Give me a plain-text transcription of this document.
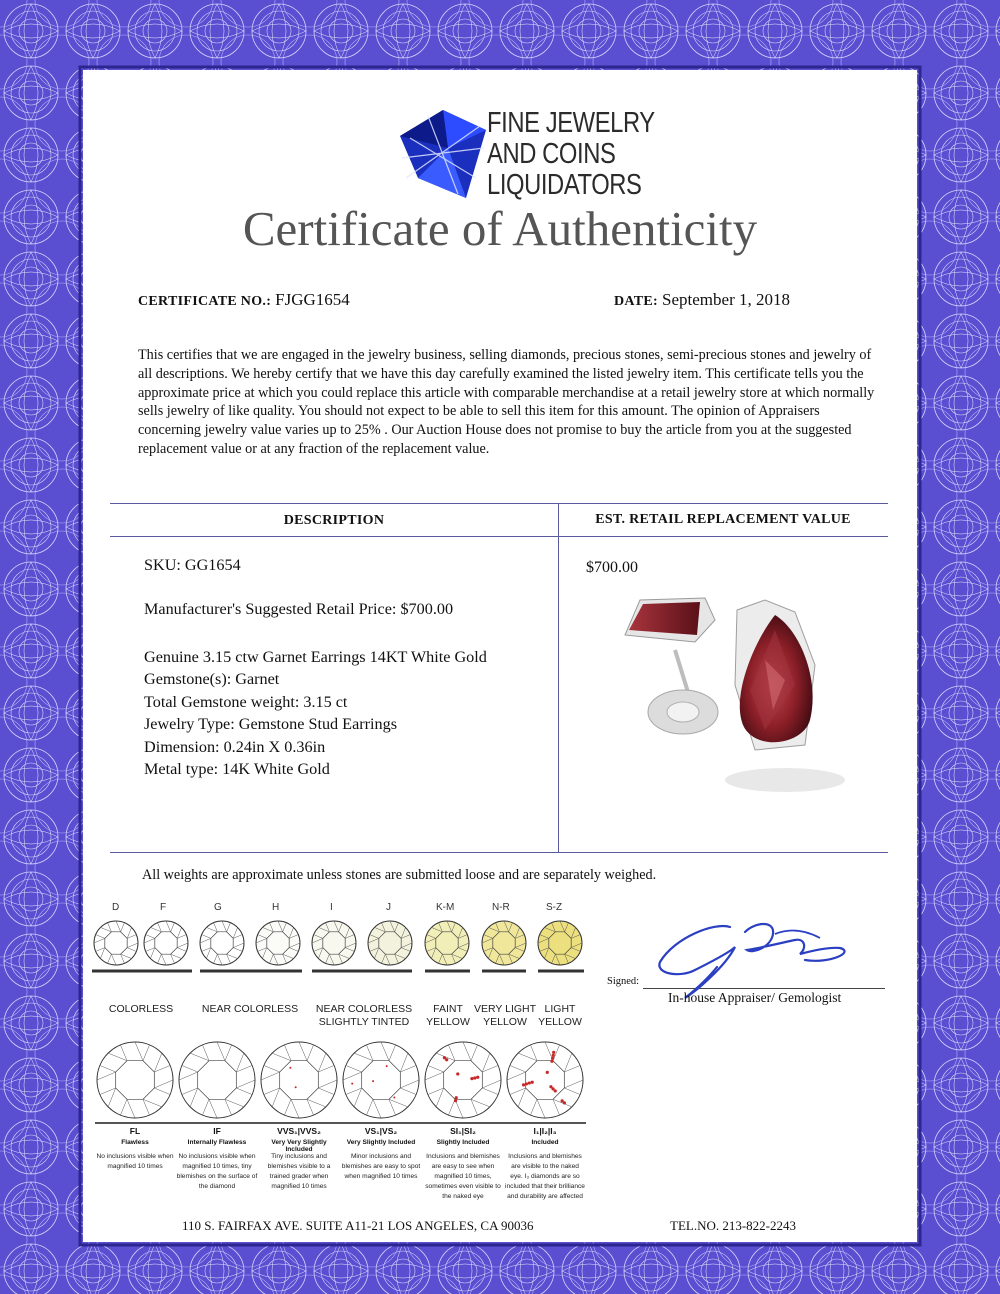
FINE JEWELRY
AND COINS
LIQUIDATORS
Certificate of Authenticity
CERTIFICATE NO.: FJGG1654	DATE: September 1, 2018
This certifies that we are engaged in the jewelry business, selling diamonds, precious stones, semi-precious stones and jewelry of all descriptions. We hereby certify that we have this day carefully examined the listed jewelry item. This certificate tells you the approximate price at which you could replace this article with comparable merchandise at a retail jewelry store at which normally sells jewelry of like quality. You should not expect to be able to sell this item for this amount. The opinion of Appraisers concerning jewelry value varies up to 25% . Our Auction House does not promise to buy the article from you at the suggested replacement value or at any fraction of the replacement value.
DESCRIPTION	EST. RETAIL REPLACEMENT VALUE
SKU: GG1654
Manufacturer's Suggested Retail Price: $700.00
Genuine 3.15 ctw Garnet Earrings 14KT White Gold
Gemstone(s): Garnet
Total Gemstone weight: 3.15 ct
Jewelry Type: Gemstone Stud Earrings
Dimension: 0.24in X 0.36in
Metal type: 14K White Gold
$700.00
All weights are approximate unless stones are submitted loose and are separately weighed.
D	F	G	H	I	J	K-M	N-R	S-Z
COLORLESS	NEAR COLORLESS	NEAR COLORLESS
SLIGHTLY TINTED
FAINT
YELLOW
VERY LIGHT
YELLOW
LIGHT
YELLOW
FL
Flawless
No inclusions visible when magnified 10 times
IF
Internally Flawless
No inclusions visible when magnified 10 times, tiny blemishes on the surface of the diamond
VVS₁|VVS₂
Very Very Slightly Included
Tiny inclusions and blemishes visible to a trained grader when magnified 10 times
VS₁|VS₂
Very Slightly Included
Minor inclusions and blemishes are easy to spot when magnified 10 times
SI₁|SI₂
Slightly Included
Inclusions and blemishes are easy to see when magnified 10 times, sometimes even visible to the naked eye
I₁|I₂|I₃
Included
Inclusions and blemishes are visible to the naked eye. I₃ diamonds are so included that their brilliance and durability are affected
Signed:
In-house Appraiser/ Gemologist
110 S. FAIRFAX AVE. SUITE A11-21 LOS ANGELES, CA 90036	TEL.NO. 213-822-2243
